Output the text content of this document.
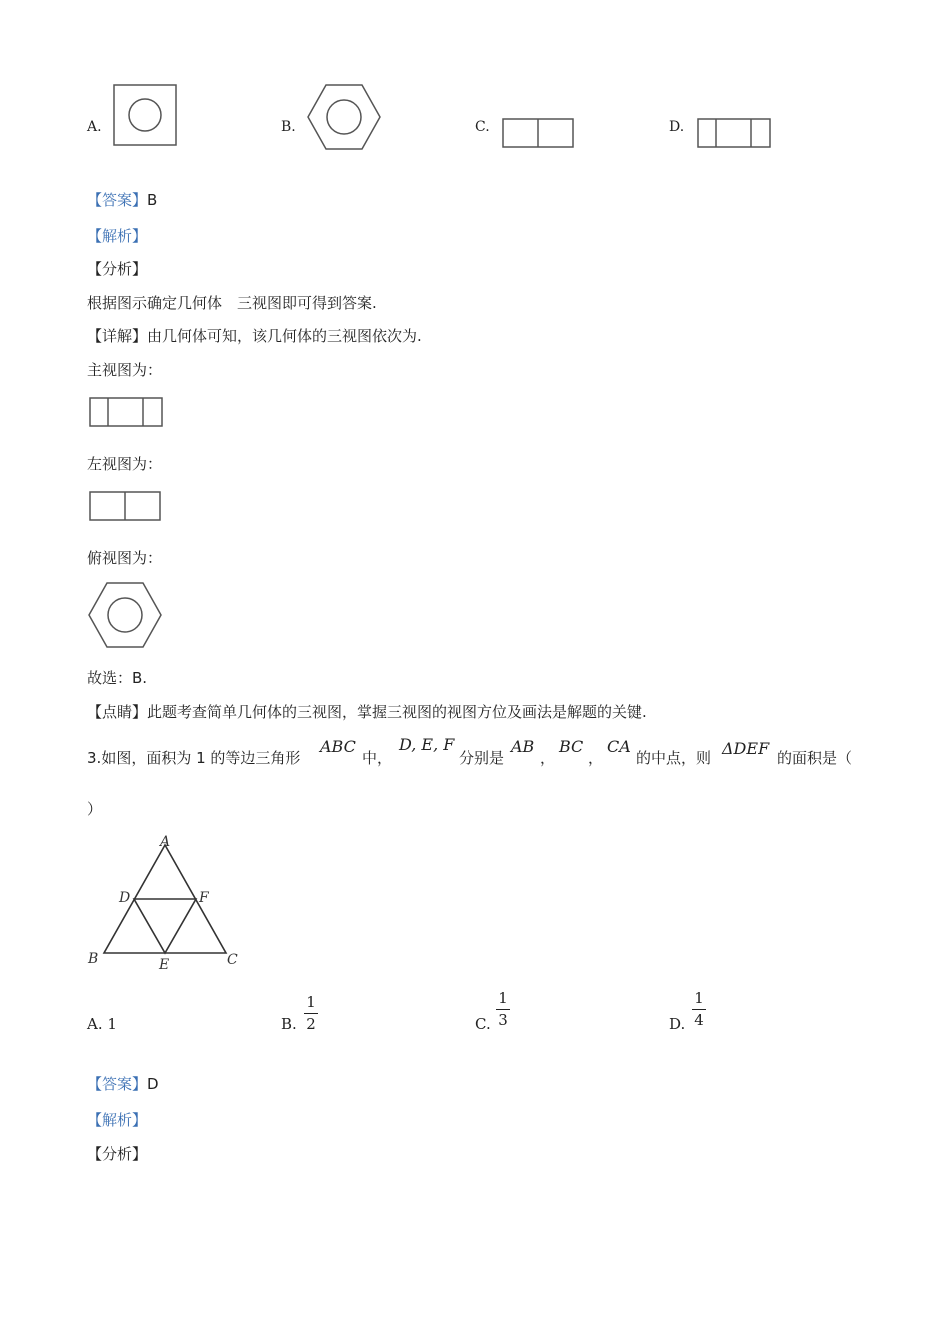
A.	B.	C.	D.
【答案】B
【解析】
【分析】
根据图示确定几何体　三视图即可得到答案.
【详解】由几何体可知，该几何体的三视图依次为.
主视图为：
左视图为：
俯视图为：
故选：B.
【点睛】此题考查简单几何体的三视图，掌握三视图的视图方位及画法是解题的关键.
3.如图，面积为 1 的等边三角形
ABC
中，
D, E, F
分别是
AB
，
BC
，
CA
的中点，则 ΔDEF 的面积是（
）
A
B	C
D
E
F
A. 1	B.
1
2	C.
1
3	D.
1
4
【答案】D
【解析】
【分析】
